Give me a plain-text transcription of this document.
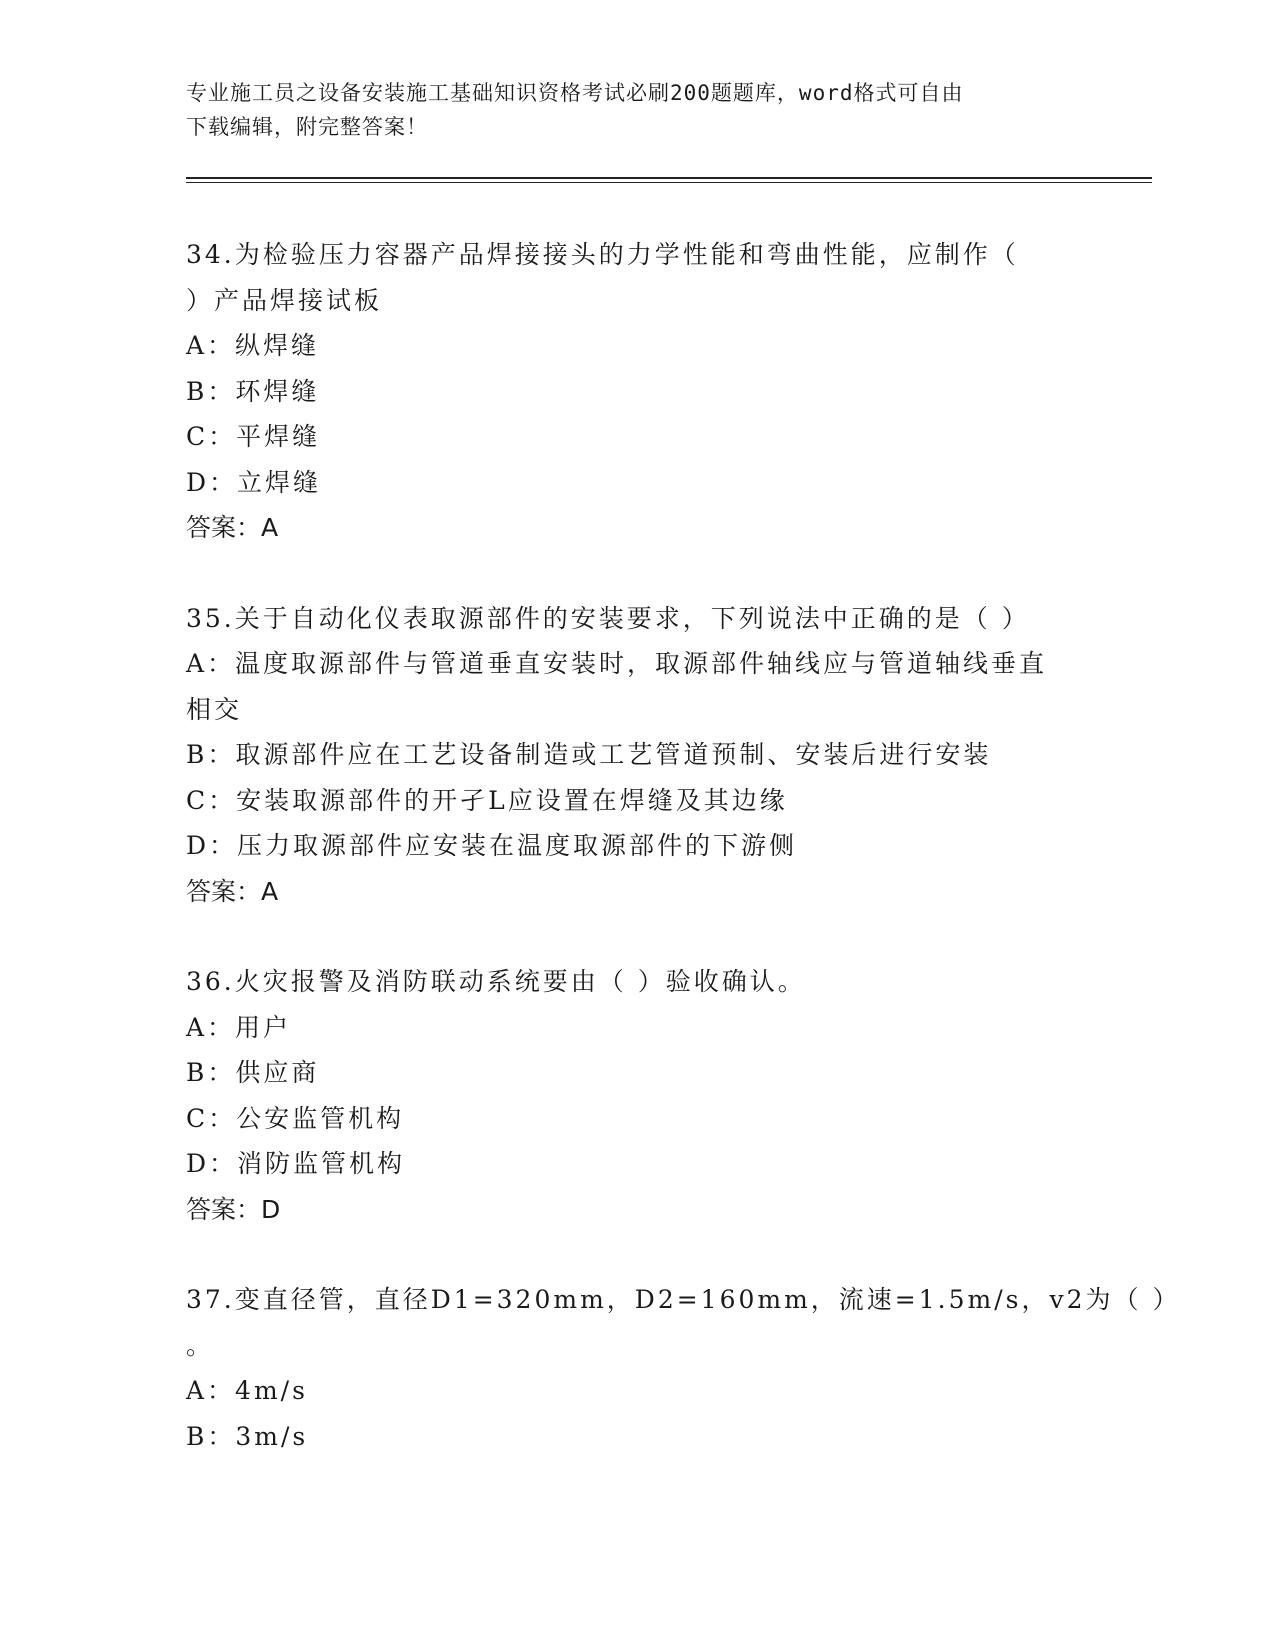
专业施工员之设备安装施工基础知识资格考试必刷200题题库，word格式可自由
下载编辑，附完整答案！
34.为检验压力容器产品焊接接头的力学性能和弯曲性能，应制作（
）产品焊接试板
A：纵焊缝
B：环焊缝
C：平焊缝
D：立焊缝
答案：A
35.关于自动化仪表取源部件的安装要求，下列说法中正确的是（ ）
A：温度取源部件与管道垂直安装时，取源部件轴线应与管道轴线垂直
相交
B：取源部件应在工艺设备制造或工艺管道预制、安装后进行安装
C：安装取源部件的开孑L应设置在焊缝及其边缘
D：压力取源部件应安装在温度取源部件的下游侧
答案：A
36.火灾报警及消防联动系统要由（ ）验收确认。
A：用户
B：供应商
C：公安监管机构
D：消防监管机构
答案：D
37.变直径管，直径D1=320mm，D2=160mm，流速=1.5m/s，v2为（ ）
。
A：4m/s
B：3m/s
